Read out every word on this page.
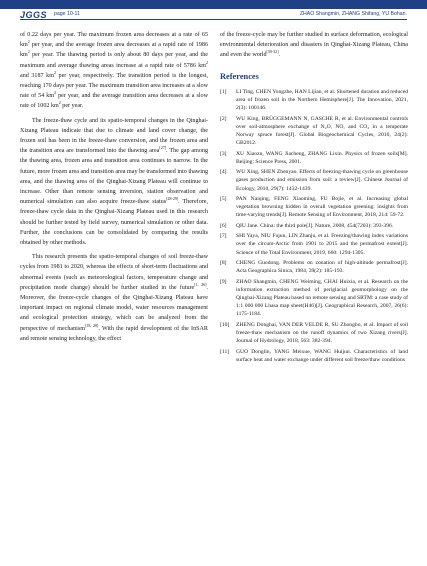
JGGS page 10-11	ZHAO Shangmin, ZHANG Shifang, YU Bohan.

of 0.22 days per year. The maximum frozen area decreases at a rate of 65 $km^2$ per year, and the average frozen area decreases at a rapid rate of 1986 $km^2$ per year. The thawing period is only about 80 days per year, and the maximum and average thawing areas increase at a rapid rate of 5786 $km^2$ and 3187 $km^2$ per year, respectively. The transition period is the longest, reaching 170 days per year. The maximum transition area increases at a slow rate of 54 $km^2$ per year, and the average transition area decreases at a slow rate of 1002 $km^2$ per year.

The freeze-thaw cycle and its spatio-temporal changes in the Qinghai-Xizang Plateau indicate that due to climate and land cover change, the frozen soil has been in the freeze-thaw conversion, and the frozen area and the transition area are transformed into the thawing area[27]. The gap among the thawing area, frozen area and transition area continues to narrow. In the future, more frozen area and transition area may be transformed into thawing area, and the thawing area of the Qinghai-Xizang Plateau will continue to increase. Other than remote sensing inversion, station observation and numerical simulation can also acquire freeze-thaw status[28-29]. Therefore, freeze-thaw cycle data in the Qinghai-Xizang Plateau used in this research should be further tested by field survey, numerical simulation or other data. Further, the conclusions can be consolidated by comparing the results obtained by other methods.

This research presents the spatio-temporal changes of soil freeze-thaw cycles from 1981 to 2020, whereas the effects of short-term fluctuations and abnormal events (such as meteorological factors, temperature change and precipitation mode change) should be further studied in the future[1, 26]. Moreover, the freeze-cycle changes of the Qinghai-Xizang Plateau have important impact on regional climate model, water resources management and ecological protection strategy, which can be analyzed from the perspective of mechanism[18, 28]. With the rapid development of the InSAR and remote sensing technology, the effect

of the freeze-cycle may be further studied in surface deformation, ecological environmental deterioration and disasters in Qinghai-Xizang Plateau, China and even the world[30-32].

References
[1]	LI Ting, CHEN Yongzhe, HAN Lijian, et al. Shortened duration and reduced area of frozen soil in the Northern Hemisphere[J]. The Innovation, 2021, 2(3): 100146.
[2]	WU King, BRÜGGEMANN N, GASCHE R, et al. Environmental controls over soil-atmosphere exchange of N₂O, NO, and CO₂ in a temperate Norway spruce forest[J]. Global Biogeochemical Cycles, 2010, 24(2): GB2012.
[3]	XU Xiaozu, WANG Jiacheng, ZHANG Lixin. Physics of frozen soils[M]. Beijing: Science Press, 2001.
[4]	WU Xing, SHEN Zhenyao. Effects of freezing-thawing cycle on greenhouse gases production and emission from soil: a review[J]. Chinese Journal of Ecology, 2010, 29(7): 1432-1439.
[5]	PAN Naiqing, FENG Xiaoming, FU Bojie, et al. Increasing global vegetation browning hidden in overall vegetation greening: insights from time-varying trends[J]. Remote Sensing of Environment, 2018, 214: 59-72.
[6]	QIU Jane. China: the third pole[J]. Nature, 2008, 454(7203): 393-396.
[7]	SHI Yaya, NIU Fujun, LIN Zhanju, et al. Freezing/thawing index variations over the circum-Arctic from 1901 to 2015 and the permafrost extent[J]. Science of the Total Environment, 2019, 660: 1294-1305.
[8]	CHENG Guodong. Problems on zonation of high-altitude permafrost[J]. Acta Geographica Sinica, 1984, 39(2): 185-193.
[9]	ZHAO Shangmin, CHENG Weiming, CHAI Huixia, et al. Research on the information extraction method of periglacial geomorphology on the Qinghai-Xizang Plateau based on remote sensing and SRTM: a case study of 1:1 000 000 Lhasa map sheet(H46)[J]. Geographical Research, 2007, 26(6): 1175-1184.
[10]	ZHENG Donghai, VAN DER VELDE R, SU Zhongbo, et al. Impact of soil freeze-thaw mechanism on the runoff dynamics of two Xizang rivers[J]. Journal of Hydrology, 2018, 563: 382-394.
[11]	GUO Donglin, YANG Meixue, WANG Huijun. Characteristics of land surface heat and water exchange under different soil freeze/thaw conditions
